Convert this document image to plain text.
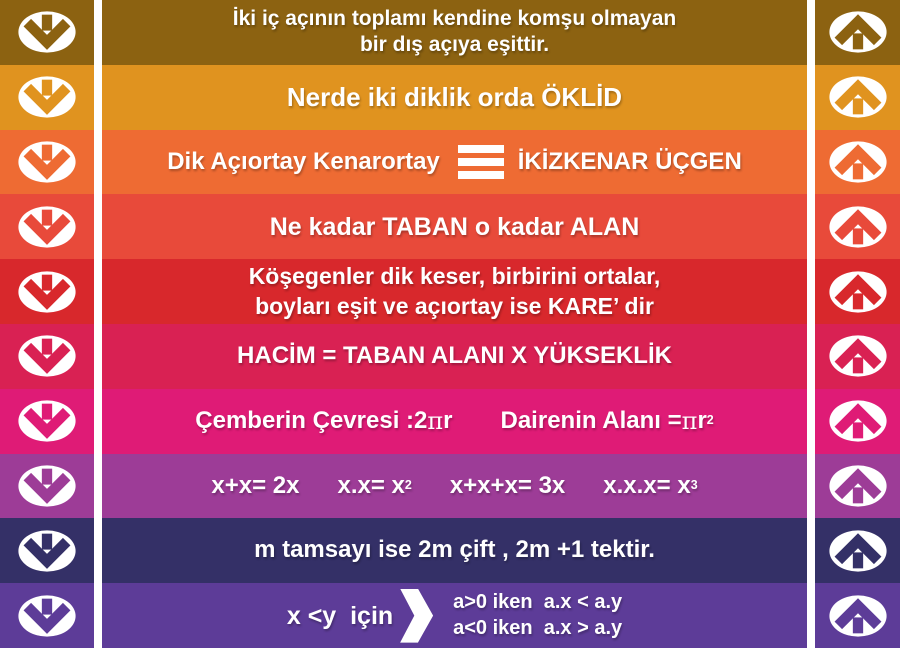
İki iç açının toplamı kendine komşu olmayan
bir dış açıya eşittir.
Nerde iki diklik orda ÖKLİD
Dik Açıortay Kenarortay	İKİZKENAR ÜÇGEN
Ne kadar TABAN o kadar ALAN
Köşegenler dik keser, birbirini ortalar,
boyları eşit ve açıortay ise KARE’ dir
HACİM = TABAN ALANI X YÜKSEKLİK
Çemberin Çevresi :2 π r Dairenin Alanı = π r 2
x+x= 2x x.x= x 2 x+x+x= 3x x.x.x= x 3
m tamsayı ise 2m çift , 2m +1 tektir.
x <y  için	a>0 iken  a.x < a.y
a<0 iken  a.x > a.y
